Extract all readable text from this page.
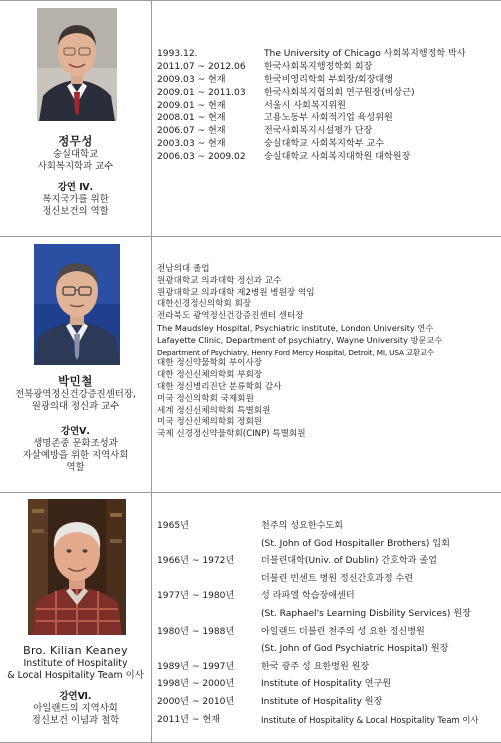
정무성

숭실대학교

사회복지학과 교수

강연 Ⅳ.

복지국가를 위한

정신보건의 역할

1993.12.	The University of Chicago 사회복지행정학 박사
2011.07 ~ 2012.06 한국사회복지행정학회 회장
2009.03 ~ 현재	한국비영리학회 부회장/회장대행
2009.01 ~ 2011.03 한국사회복지협의회 연구원장(비상근)
2009.01 ~ 현재	서울시 사회복지위원
2008.01 ~ 현재	고용노동부 사회적기업 육성위원
2006.07 ~ 현재	전국사회복지시설평가 단장
2003.03 ~ 현재	숭실대학교 사회복지학부 교수
2006.03 ~ 2009.02 숭실대학교 사회복지대학원 대학원장

박민철

전북광역정신건강증진센터장,

원광의대 정신과 교수

강연Ⅴ.

생명존중 문화조성과

자살예방을 위한 지역사회

역할

전남의대 졸업
원광대학교 의과대학 정신과 교수
원광대학교 의과대학 제2병원 병원장 역임
대한신경정신의학회 회장
전라북도 광역정신건강증진센터 센터장
The Maudsley Hospital, Psychiatric institute, London University 연수
Lafayette Clinic, Department of psychiatry, Wayne University 방문교수
Department of Psychiatry, Henry Ford Mercy Hospital, Detroit, MI, USA 교환교수
대한 정신약물학회 부이사장
대한 정신신체의학회 부회장
대한 정신병리진단 분류학회 감사
미국 정신의학회 국제회원
세계 정신신체의학회 특별회원
미국 정신신체의학회 정회원
국제 신경정신약물학회(CINP) 특별회원

Bro. Kilian Keaney

Institute of Hospitality

& Local Hospitality Team 이사

강연Ⅵ.

아일랜드의 지역사회

정신보건 이념과 철학

1965년	천주의 성요한수도회
(St. John of God Hospitaller Brothers) 입회
1966년 ~ 1972년	더블린대학(Univ. of Dublin) 간호학과 졸업
더블린 빈센트 병원 정신간호과정 수련
1977년 ~ 1980년	성 라파엘 학습장애센터
(St. Raphael's Learning Disbility Services) 원장
1980년 ~ 1988년	아일랜드 더블린 천주의 성 요한 정신병원
(St. John of God Psychiatric Hospital) 원장
1989년 ~ 1997년	한국 광주 성 요한병원 원장
1998년 ~ 2000년	Institute of Hospitality 연구원
2000년 ~ 2010년	Institute of Hospitality 원장
2011년 ~ 현재	Institute of Hospitality & Local Hospitality Team 이사
